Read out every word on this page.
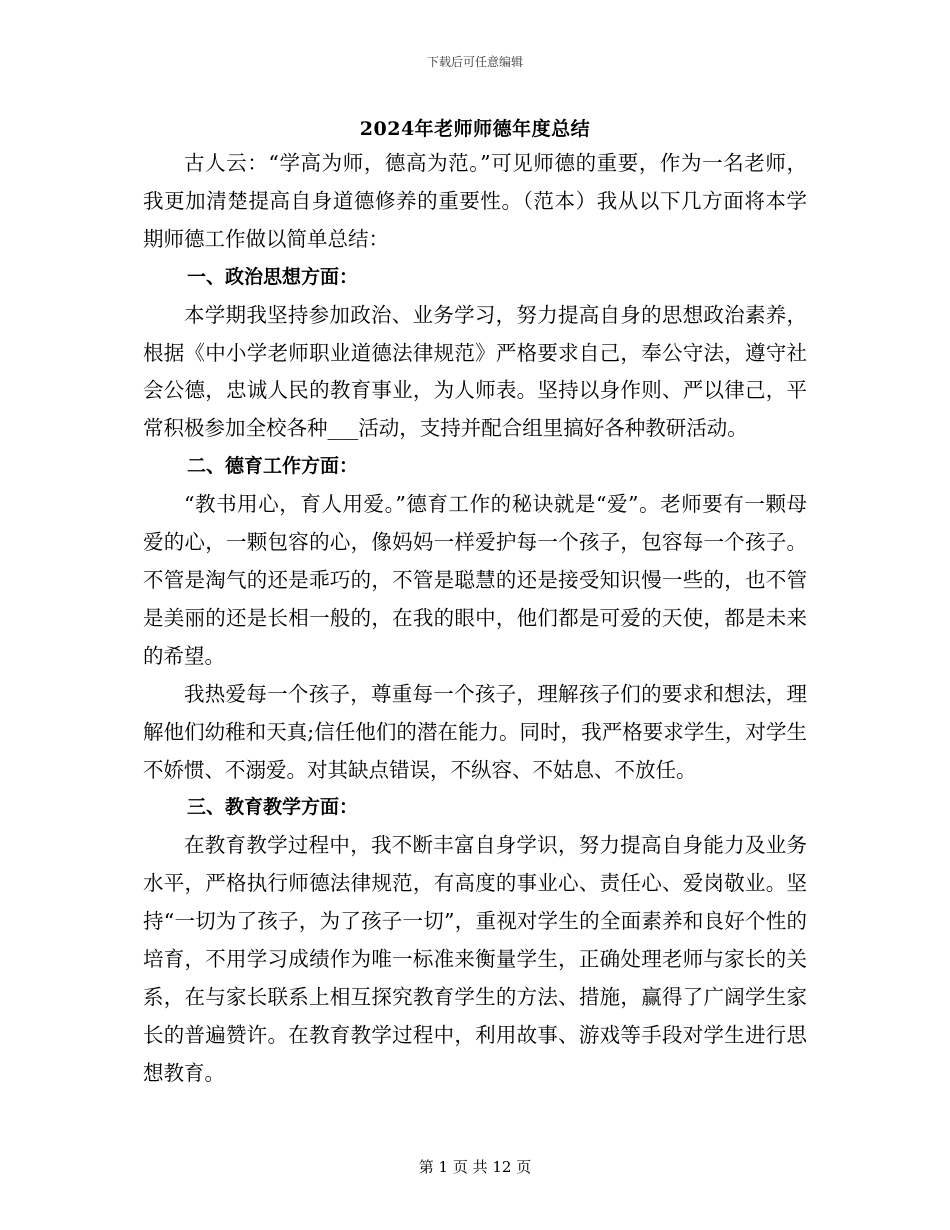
下载后可任意编辑
2024年老师师德年度总结

古人云：“学高为师，德高为范。”可见师德的重要，作为一名老师，我更加清楚提高自身道德修养的重要性。（范本）我从以下几方面将本学期师德工作做以简单总结：

一、政治思想方面：

本学期我坚持参加政治、业务学习，努力提高自身的思想政治素养，根据《中小学老师职业道德法律规范》严格要求自己，奉公守法，遵守社会公德，忠诚人民的教育事业，为人师表。坚持以身作则、严以律己，平常积极参加全校各种___活动，支持并配合组里搞好各种教研活动。

二、德育工作方面：

“教书用心，育人用爱。”德育工作的秘诀就是“爱”。老师要有一颗母爱的心，一颗包容的心，像妈妈一样爱护每一个孩子，包容每一个孩子。不管是淘气的还是乖巧的，不管是聪慧的还是接受知识慢一些的，也不管是美丽的还是长相一般的，在我的眼中，他们都是可爱的天使，都是未来的希望。

我热爱每一个孩子，尊重每一个孩子，理解孩子们的要求和想法，理解他们幼稚和天真;信任他们的潜在能力。同时，我严格要求学生，对学生不娇惯、不溺爱。对其缺点错误，不纵容、不姑息、不放任。

三、教育教学方面：

在教育教学过程中，我不断丰富自身学识，努力提高自身能力及业务水平，严格执行师德法律规范，有高度的事业心、责任心、爱岗敬业。坚持“一切为了孩子，为了孩子一切”，重视对学生的全面素养和良好个性的培育，不用学习成绩作为唯一标准来衡量学生，正确处理老师与家长的关系，在与家长联系上相互探究教育学生的方法、措施，赢得了广阔学生家长的普遍赞许。在教育教学过程中，利用故事、游戏等手段对学生进行思想教育。

第 1 页 共 12 页
